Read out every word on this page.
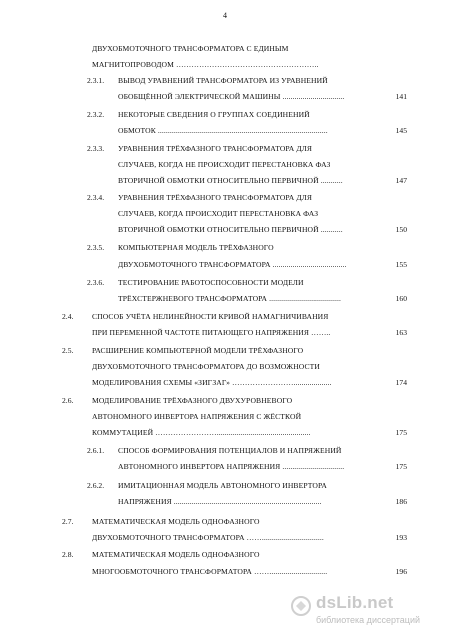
4
ДВУХОБМОТОЧНОГО ТРАНСФОРМАТОРА С ЕДИНЫМ
МАГНИТОПРОВОДОМ ………………………………………………..
2.3.1. ВЫВОД УРАВНЕНИЙ ТРАНСФОРМАТОРА ИЗ УРАВНЕНИЙ
ОБОБЩЁННОЙ ЭЛЕКТРИЧЕСКОЙ МАШИНЫ ...............................	141
2.3.2. НЕКОТОРЫЕ СВЕДЕНИЯ О ГРУППАХ СОЕДИНЕНИЙ
ОБМОТОК .....................................................................................	145
2.3.3. УРАВНЕНИЯ ТРЁХФАЗНОГО ТРАНСФОРМАТОРА ДЛЯ
СЛУЧАЕВ, КОГДА НЕ ПРОИСХОДИТ ПЕРЕСТАНОВКА ФАЗ
ВТОРИЧНОЙ ОБМОТКИ ОТНОСИТЕЛЬНО ПЕРВИЧНОЙ ...........	147
2.3.4. УРАВНЕНИЯ ТРЁХФАЗНОГО ТРАНСФОРМАТОРА ДЛЯ
СЛУЧАЕВ, КОГДА ПРОИСХОДИТ ПЕРЕСТАНОВКА ФАЗ
ВТОРИЧНОЙ ОБМОТКИ ОТНОСИТЕЛЬНО ПЕРВИЧНОЙ ...........	150
2.3.5. КОМПЬЮТЕРНАЯ МОДЕЛЬ ТРЁХФАЗНОГО
ДВУХОБМОТОЧНОГО ТРАНСФОРМАТОРА .....................................	155
2.3.6. ТЕСТИРОВАНИЕ РАБОТОСПОСОБНОСТИ МОДЕЛИ
ТРЁХСТЕРЖНЕВОГО ТРАНСФОРМАТОРА ....................................	160
2.4. СПОСОБ УЧЁТА НЕЛИНЕЙНОСТИ КРИВОЙ НАМАГНИЧИВАНИЯ
ПРИ ПЕРЕМЕННОЙ ЧАСТОТЕ ПИТАЮЩЕГО НАПРЯЖЕНИЯ ……..	163
2.5. РАСШИРЕНИЕ КОМПЬЮТЕРНОЙ МОДЕЛИ ТРЁХФАЗНОГО
ДВУХОБМОТОЧНОГО ТРАНСФОРМАТОРА ДО ВОЗМОЖНОСТИ
МОДЕЛИРОВАНИЯ СХЕМЫ «ЗИГЗАГ» ……………………...................	174
2.6. МОДЕЛИРОВАНИЕ ТРЁХФАЗНОГО ДВУХУРОВНЕВОГО
АВТОНОМНОГО ИНВЕРТОРА НАПРЯЖЕНИЯ С ЖЁСТКОЙ
КОММУТАЦИЕЙ ……………………...............................................	175
2.6.1. СПОСОБ ФОРМИРОВАНИЯ ПОТЕНЦИАЛОВ И НАПРЯЖЕНИЙ
АВТОНОМНОГО ИНВЕРТОРА НАПРЯЖЕНИЯ ...............................	175
2.6.2. ИМИТАЦИОННАЯ МОДЕЛЬ АВТОНОМНОГО ИНВЕРТОРА
НАПРЯЖЕНИЯ ..........................................................................	186
2.7. МАТЕМАТИЧЕСКАЯ МОДЕЛЬ ОДНОФАЗНОГО
ДВУХОБМОТОЧНОГО ТРАНСФОРМАТОРА ……...............................	193
2.8. МАТЕМАТИЧЕСКАЯ МОДЕЛЬ ОДНОФАЗНОГО
МНОГООБМОТОЧНОГО ТРАНСФОРМАТОРА …….............................	196
dsLib.net
библиотека диссертаций
